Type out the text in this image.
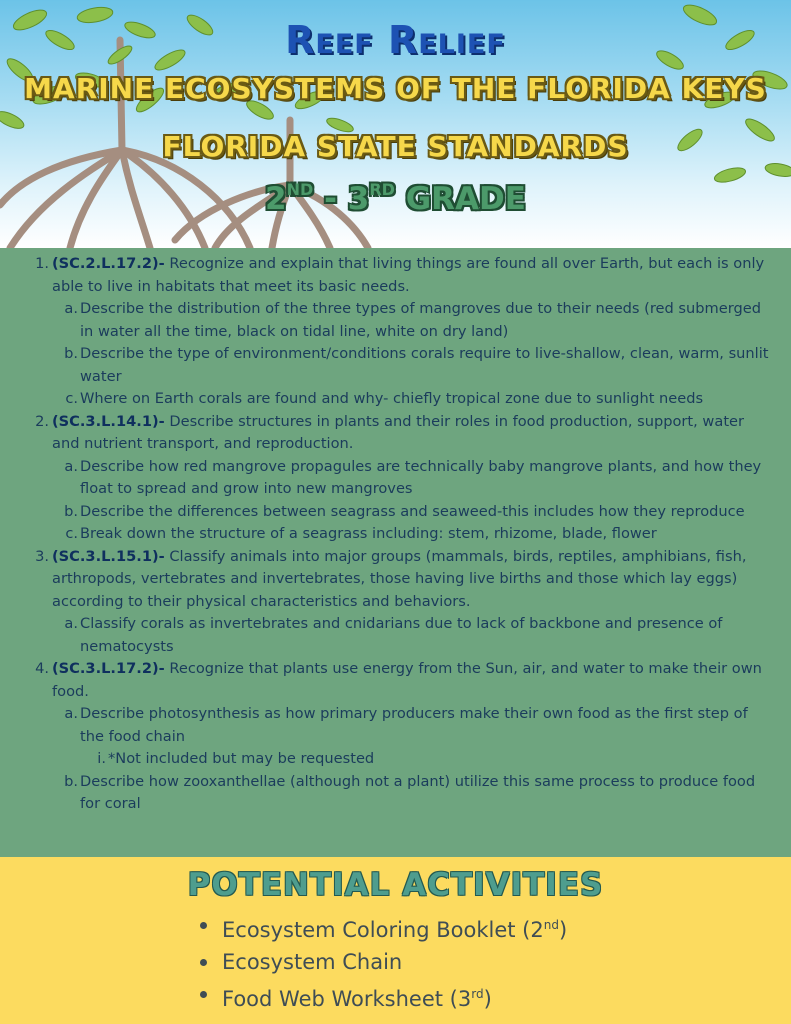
Reef Relief
MARINE ECOSYSTEMS OF THE FLORIDA KEYS
FLORIDA STATE STANDARDS
2ND - 3RD GRADE
1. (SC.2.L.17.2)- Recognize and explain that living things are found all over Earth, but each is only able to live in habitats that meet its basic needs.
a. Describe the distribution of the three types of mangroves due to their needs (red submerged in water all the time, black on tidal line, white on dry land)
b. Describe the type of environment/conditions corals require to live-shallow, clean, warm, sunlit water
c. Where on Earth corals are found and why- chiefly tropical zone due to sunlight needs
2. (SC.3.L.14.1)- Describe structures in plants and their roles in food production, support, water and nutrient transport, and reproduction.
a. Describe how red mangrove propagules are technically baby mangrove plants, and how they float to spread and grow into new mangroves
b. Describe the differences between seagrass and seaweed-this includes how they reproduce
c. Break down the structure of a seagrass including: stem, rhizome, blade, flower
3. (SC.3.L.15.1)- Classify animals into major groups (mammals, birds, reptiles, amphibians, fish, arthropods, vertebrates and invertebrates, those having live births and those which lay eggs) according to their physical characteristics and behaviors.
a. Classify corals as invertebrates and cnidarians due to lack of backbone and presence of nematocysts
4. (SC.3.L.17.2)- Recognize that plants use energy from the Sun, air, and water to make their own food.
a. Describe photosynthesis as how primary producers make their own food as the first step of the food chain
i. *Not included but may be requested
b. Describe how zooxanthellae (although not a plant) utilize this same process to produce food for coral
POTENTIAL ACTIVITIES
Ecosystem Coloring Booklet (2nd)
Ecosystem Chain
Food Web Worksheet (3rd)
